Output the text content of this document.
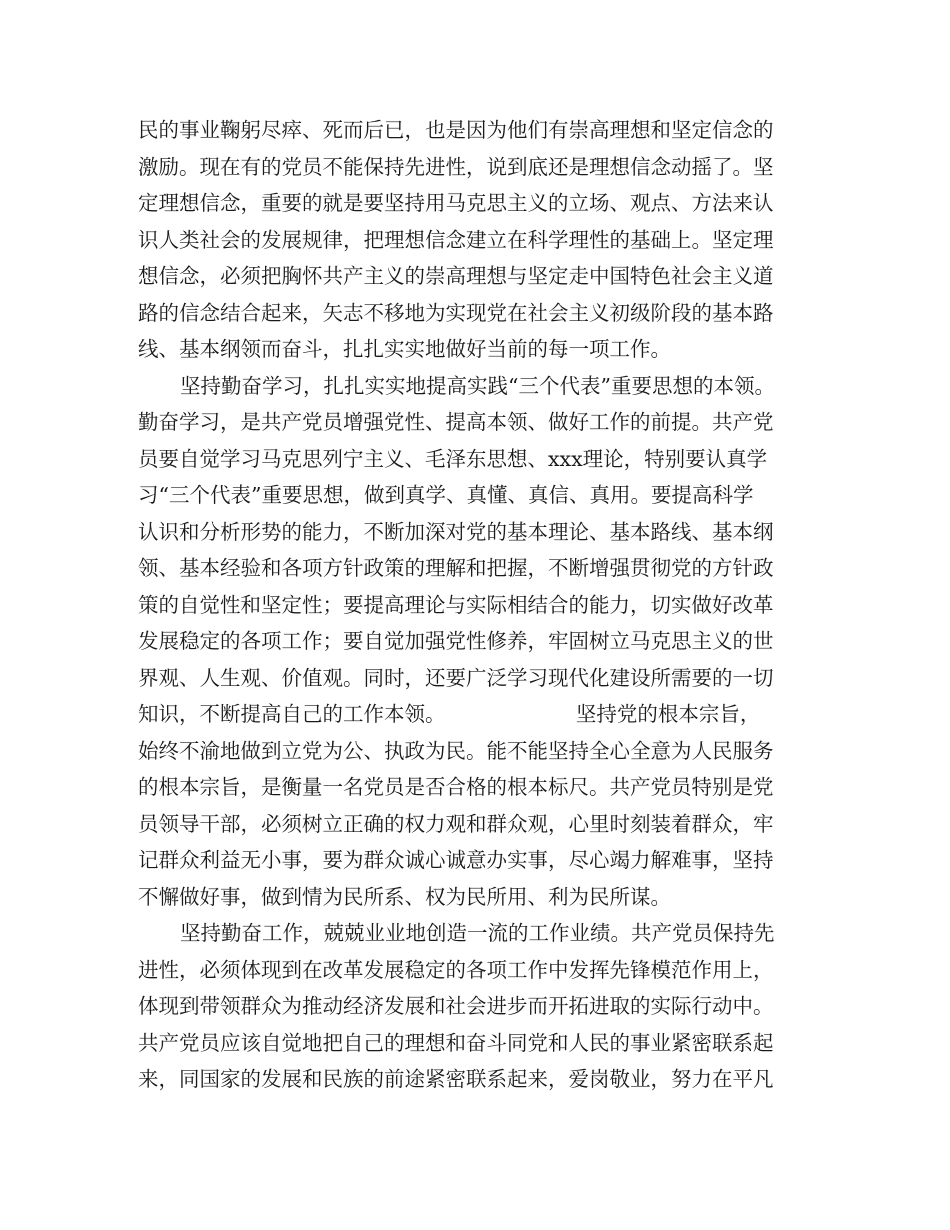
民的事业鞠躬尽瘁、死而后已，也是因为他们有崇高理想和坚定信念的
激励。现在有的党员不能保持先进性，说到底还是理想信念动摇了。坚
定理想信念，重要的就是要坚持用马克思主义的立场、观点、方法来认
识人类社会的发展规律，把理想信念建立在科学理性的基础上。坚定理
想信念，必须把胸怀共产主义的崇高理想与坚定走中国特色社会主义道
路的信念结合起来，矢志不移地为实现党在社会主义初级阶段的基本路
线、基本纲领而奋斗，扎扎实实地做好当前的每一项工作。
坚持勤奋学习，扎扎实实地提高实践“三个代表”重要思想的本领。
勤奋学习，是共产党员增强党性、提高本领、做好工作的前提。共产党
员要自觉学习马克思列宁主义、毛泽东思想、xxx理论，特别要认真学
习“三个代表”重要思想，做到真学、真懂、真信、真用。要提高科学
认识和分析形势的能力，不断加深对党的基本理论、基本路线、基本纲
领、基本经验和各项方针政策的理解和把握，不断增强贯彻党的方针政
策的自觉性和坚定性；要提高理论与实际相结合的能力，切实做好改革
发展稳定的各项工作；要自觉加强党性修养，牢固树立马克思主义的世
界观、人生观、价值观。同时，还要广泛学习现代化建设所需要的一切
知识，不断提高自己的工作本领。                    坚持党的根本宗旨，
始终不渝地做到立党为公、执政为民。能不能坚持全心全意为人民服务
的根本宗旨，是衡量一名党员是否合格的根本标尺。共产党员特别是党
员领导干部，必须树立正确的权力观和群众观，心里时刻装着群众，牢
记群众利益无小事，要为群众诚心诚意办实事，尽心竭力解难事，坚持
不懈做好事，做到情为民所系、权为民所用、利为民所谋。
坚持勤奋工作，兢兢业业地创造一流的工作业绩。共产党员保持先
进性，必须体现到在改革发展稳定的各项工作中发挥先锋模范作用上，
体现到带领群众为推动经济发展和社会进步而开拓进取的实际行动中。
共产党员应该自觉地把自己的理想和奋斗同党和人民的事业紧密联系起
来，同国家的发展和民族的前途紧密联系起来，爱岗敬业，努力在平凡
